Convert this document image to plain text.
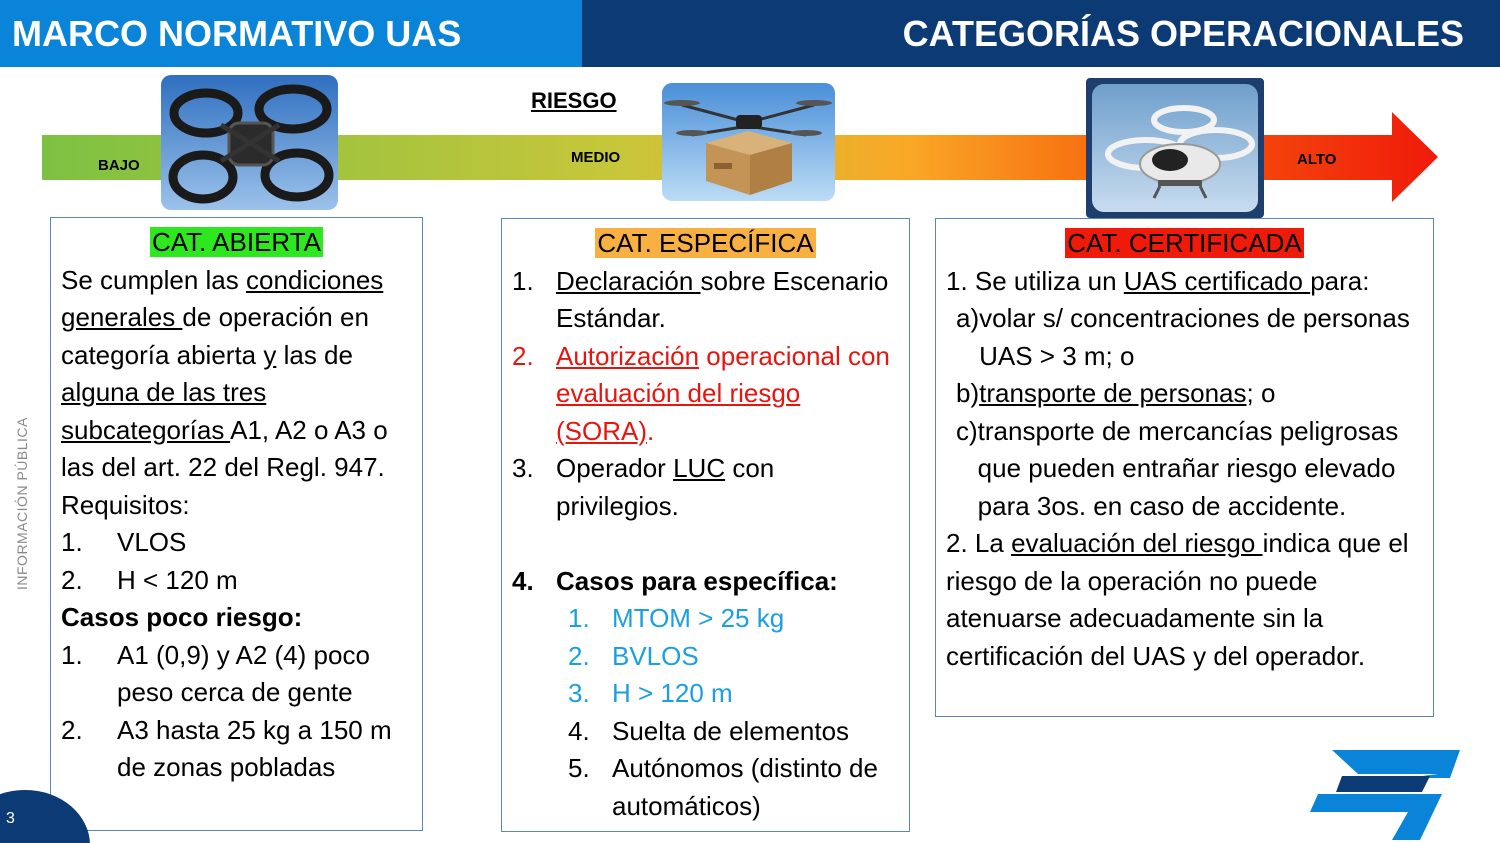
MARCO NORMATIVO UAS	CATEGORÍAS OPERACIONALES
RIESGO
BAJO	MEDIO	ALTO
CAT. ABIERTA
Se cumplen las condiciones generales de operación en categoría abierta y las de alguna de las tres subcategorías A1, A2 o A3 o las del art. 22 del Regl. 947.
Requisitos:
1.	VLOS
2.	H < 120 m
Casos poco riesgo:
1.	A1 (0,9) y A2 (4) poco peso cerca de gente
2.	A3 hasta 25 kg a 150 m de zonas pobladas
CAT. ESPECÍFICA
1. Declaración sobre Escenario Estándar.
2. Autorización operacional con evaluación del riesgo (SORA).
3. Operador LUC con privilegios.
4. Casos para específica:
1. MTOM > 25 kg
2. BVLOS
3. H > 120 m
4. Suelta de elementos
5. Autónomos (distinto de automáticos)
CAT. CERTIFICADA
1. Se utiliza un UAS certificado para:
a) volar s/ concentraciones de personas UAS > 3 m; o
b) transporte de personas; o
c) transporte de mercancías peligrosas que pueden entrañar riesgo elevado para 3os. en caso de accidente.
2. La evaluación del riesgo indica que el riesgo de la operación no puede atenuarse adecuadamente sin la certificación del UAS y del operador.
INFORMACIÓN PÚBLICA
3
